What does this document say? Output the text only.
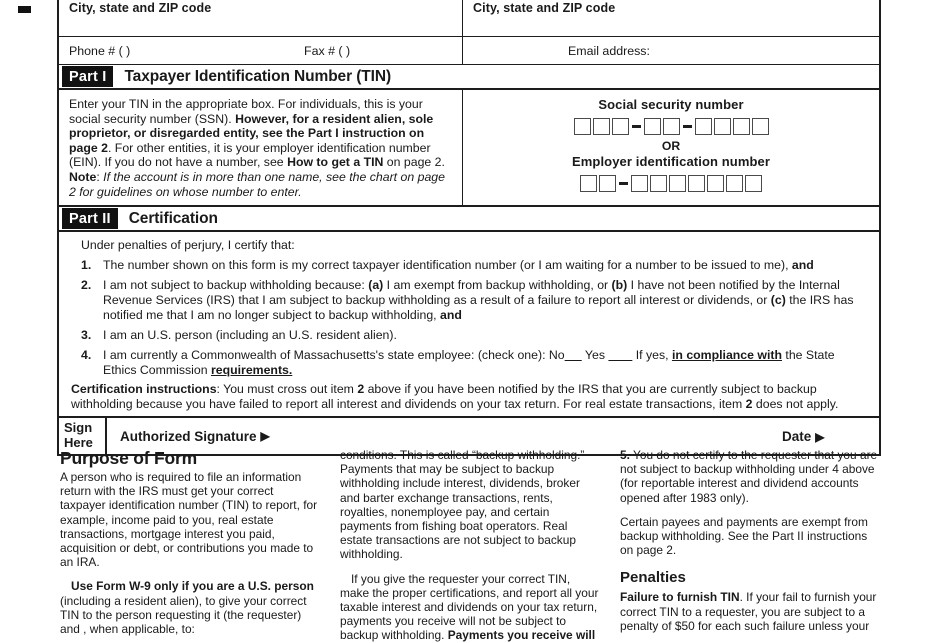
City, state and ZIP code	City, state and ZIP code
Phone # ( )	Fax # ( )	Email address:
Part I	Taxpayer Identification Number (TIN)
Enter your TIN in the appropriate box. For individuals, this is your social security number (SSN). However, for a resident alien, sole proprietor, or disregarded entity, see the Part I instruction on page 2. For other entities, it is your employer identification number (EIN). If you do not have a number, see How to get a TIN on page 2. Note: If the account is in more than one name, see the chart on page 2 for guidelines on whose number to enter.
Social security number
OR
Employer identification number
Part II	Certification
Under penalties of perjury, I certify that:
1. The number shown on this form is my correct taxpayer identification number (or I am waiting for a number to be issued to me), and
2. I am not subject to backup withholding because: (a) I am exempt from backup withholding, or (b) I have not been notified by the Internal Revenue Services (IRS) that I am subject to backup withholding as a result of a failure to report all interest or dividends, or (c) the IRS has notified me that I am no longer subject to backup withholding, and
3. I am an U.S. person (including an U.S. resident alien).
4. I am currently a Commonwealth of Massachusetts's state employee: (check one): No      Yes         If yes, in compliance with the State Ethics Commission requirements.
Certification instructions: You must cross out item 2 above if you have been notified by the IRS that you are currently subject to backup withholding because you have failed to report all interest and dividends on your tax return. For real estate transactions, item 2 does not apply.
Sign
Here	Authorized Signature ▶	Date ▶
Purpose of Form

A person who is required to file an information return with the IRS must get your correct taxpayer identification number (TIN) to report, for example, income paid to you, real estate transactions, mortgage interest you paid, acquisition or debt, or contributions you made to an IRA.

Use Form W-9 only if you are a U.S. person (including a resident alien), to give your correct TIN to the person requesting it (the requester) and , when applicable, to:

conditions. This is called “backup withholding.” Payments that may be subject to backup withholding include interest, dividends, broker and barter exchange transactions, rents, royalties, nonemployee pay, and certain payments from fishing boat operators. Real estate transactions are not subject to backup withholding.

If you give the requester your correct TIN, make the proper certifications, and report all your taxable interest and dividends on your tax return, payments you receive will not be subject to backup withholding. Payments you receive will

5. You do not certify to the requester that you are not subject to backup withholding under 4 above (for reportable interest and dividend accounts opened after 1983 only).

Certain payees and payments are exempt from backup withholding. See the Part II instructions on page 2.

Penalties

Failure to furnish TIN. If your fail to furnish your correct TIN to a requester, you are subject to a penalty of $50 for each such failure unless your
